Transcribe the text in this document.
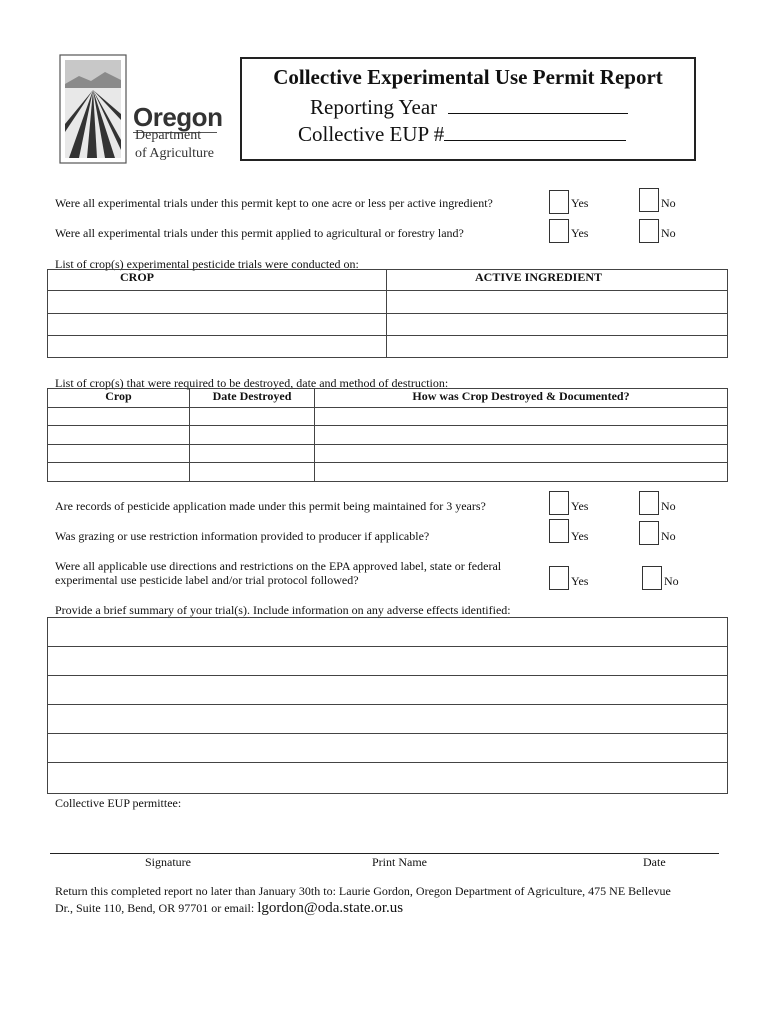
Oregon
Department
of Agriculture
Collective Experimental Use Permit Report
Reporting Year
Collective EUP #
Were all experimental trials under this permit kept to one acre or less per active ingredient?	Yes	No
Were all experimental trials under this permit applied to agricultural or forestry land?	Yes	No
List of crop(s) experimental pesticide trials were conducted on:
CROP	ACTIVE INGREDIENT

List of crop(s) that were required to be destroyed, date and method of destruction:
Crop	Date Destroyed	How was Crop Destroyed & Documented?

Are records of pesticide application made under this permit being maintained for 3 years?	Yes	No
Was grazing or use restriction information provided to producer if applicable?	Yes	No
Were all applicable use directions and restrictions on the EPA approved label, state or federal
experimental use pesticide label and/or trial protocol followed?	Yes	No
Provide a brief summary of your trial(s). Include information on any adverse effects identified:
Collective EUP permittee:
Signature	Print Name	Date
Return this completed report no later than January 30th to: Laurie Gordon, Oregon Department of Agriculture, 475 NE Bellevue
Dr., Suite 110, Bend, OR 97701 or email: lgordon@oda.state.or.us
